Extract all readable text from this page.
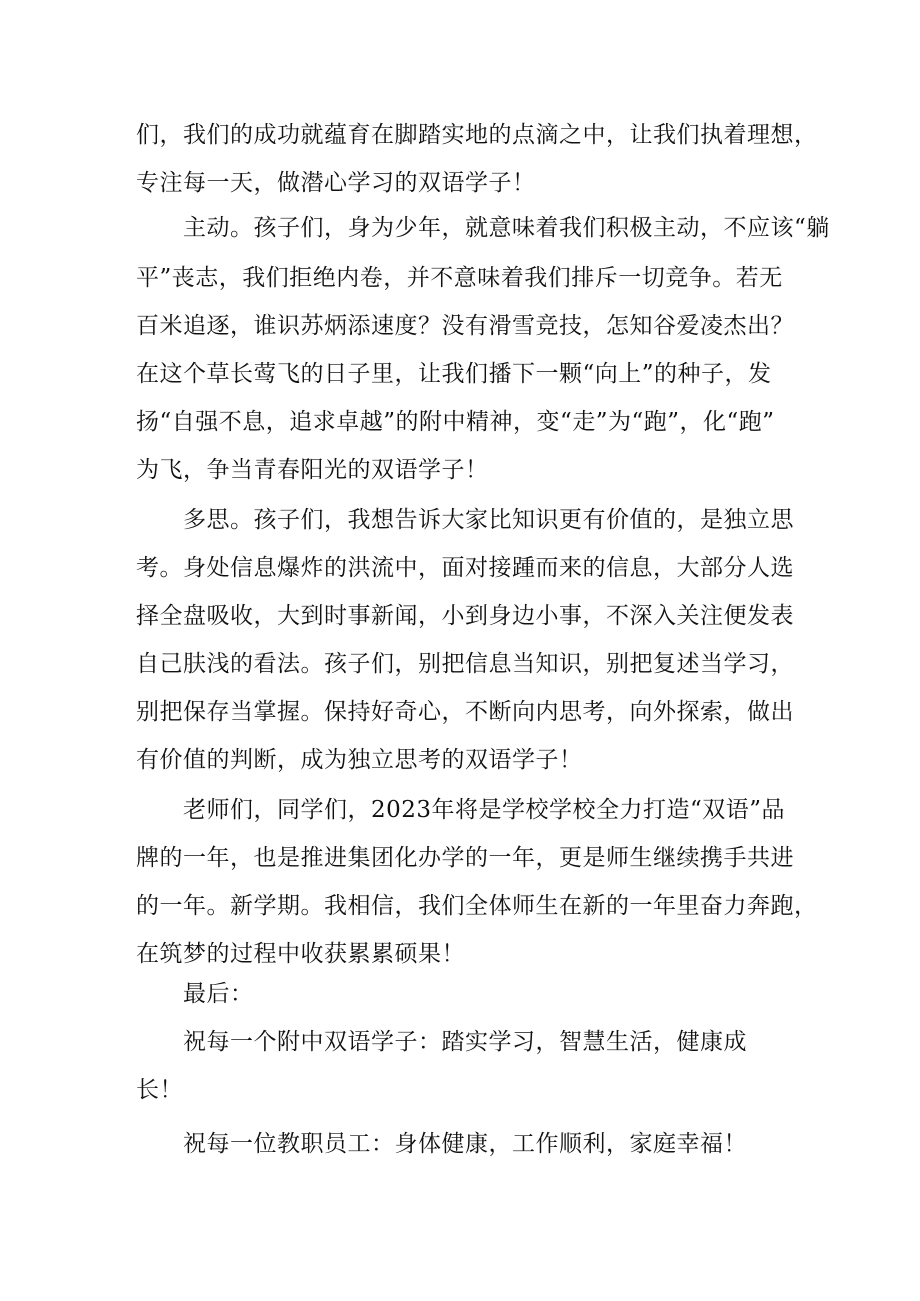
们，我们的成功就蕴育在脚踏实地的点滴之中，让我们执着理想，
专注每一天，做潜心学习的双语学子！
主动。孩子们，身为少年，就意味着我们积极主动，不应该“躺
平”丧志，我们拒绝内卷，并不意味着我们排斥一切竞争。若无
百米追逐，谁识苏炳添速度？没有滑雪竞技，怎知谷爱凌杰出？
在这个草长莺飞的日子里，让我们播下一颗“向上”的种子，发
扬“自强不息，追求卓越”的附中精神，变“走”为“跑”，化“跑”
为飞，争当青春阳光的双语学子！
多思。孩子们，我想告诉大家比知识更有价值的，是独立思
考。身处信息爆炸的洪流中，面对接踵而来的信息，大部分人选
择全盘吸收，大到时事新闻，小到身边小事，不深入关注便发表
自己肤浅的看法。孩子们，别把信息当知识，别把复述当学习，
别把保存当掌握。保持好奇心，不断向内思考，向外探索，做出
有价值的判断，成为独立思考的双语学子！
老师们，同学们，2023年将是学校学校全力打造“双语”品
牌的一年，也是推进集团化办学的一年，更是师生继续携手共进
的一年。新学期。我相信，我们全体师生在新的一年里奋力奔跑，
在筑梦的过程中收获累累硕果！
最后：
祝每一个附中双语学子：踏实学习，智慧生活，健康成
长！
祝每一位教职员工：身体健康，工作顺利，家庭幸福！
